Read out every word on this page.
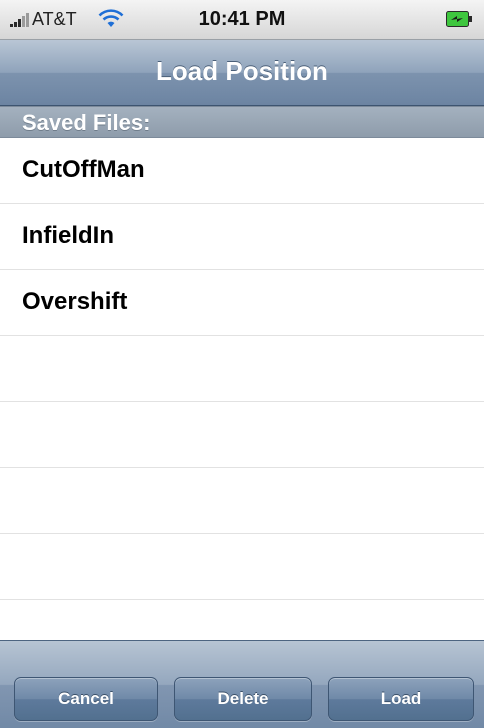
AT&T	10:41 PM
Load Position
Saved Files:
CutOffMan
InfieldIn
Overshift
Cancel	Delete	Load
